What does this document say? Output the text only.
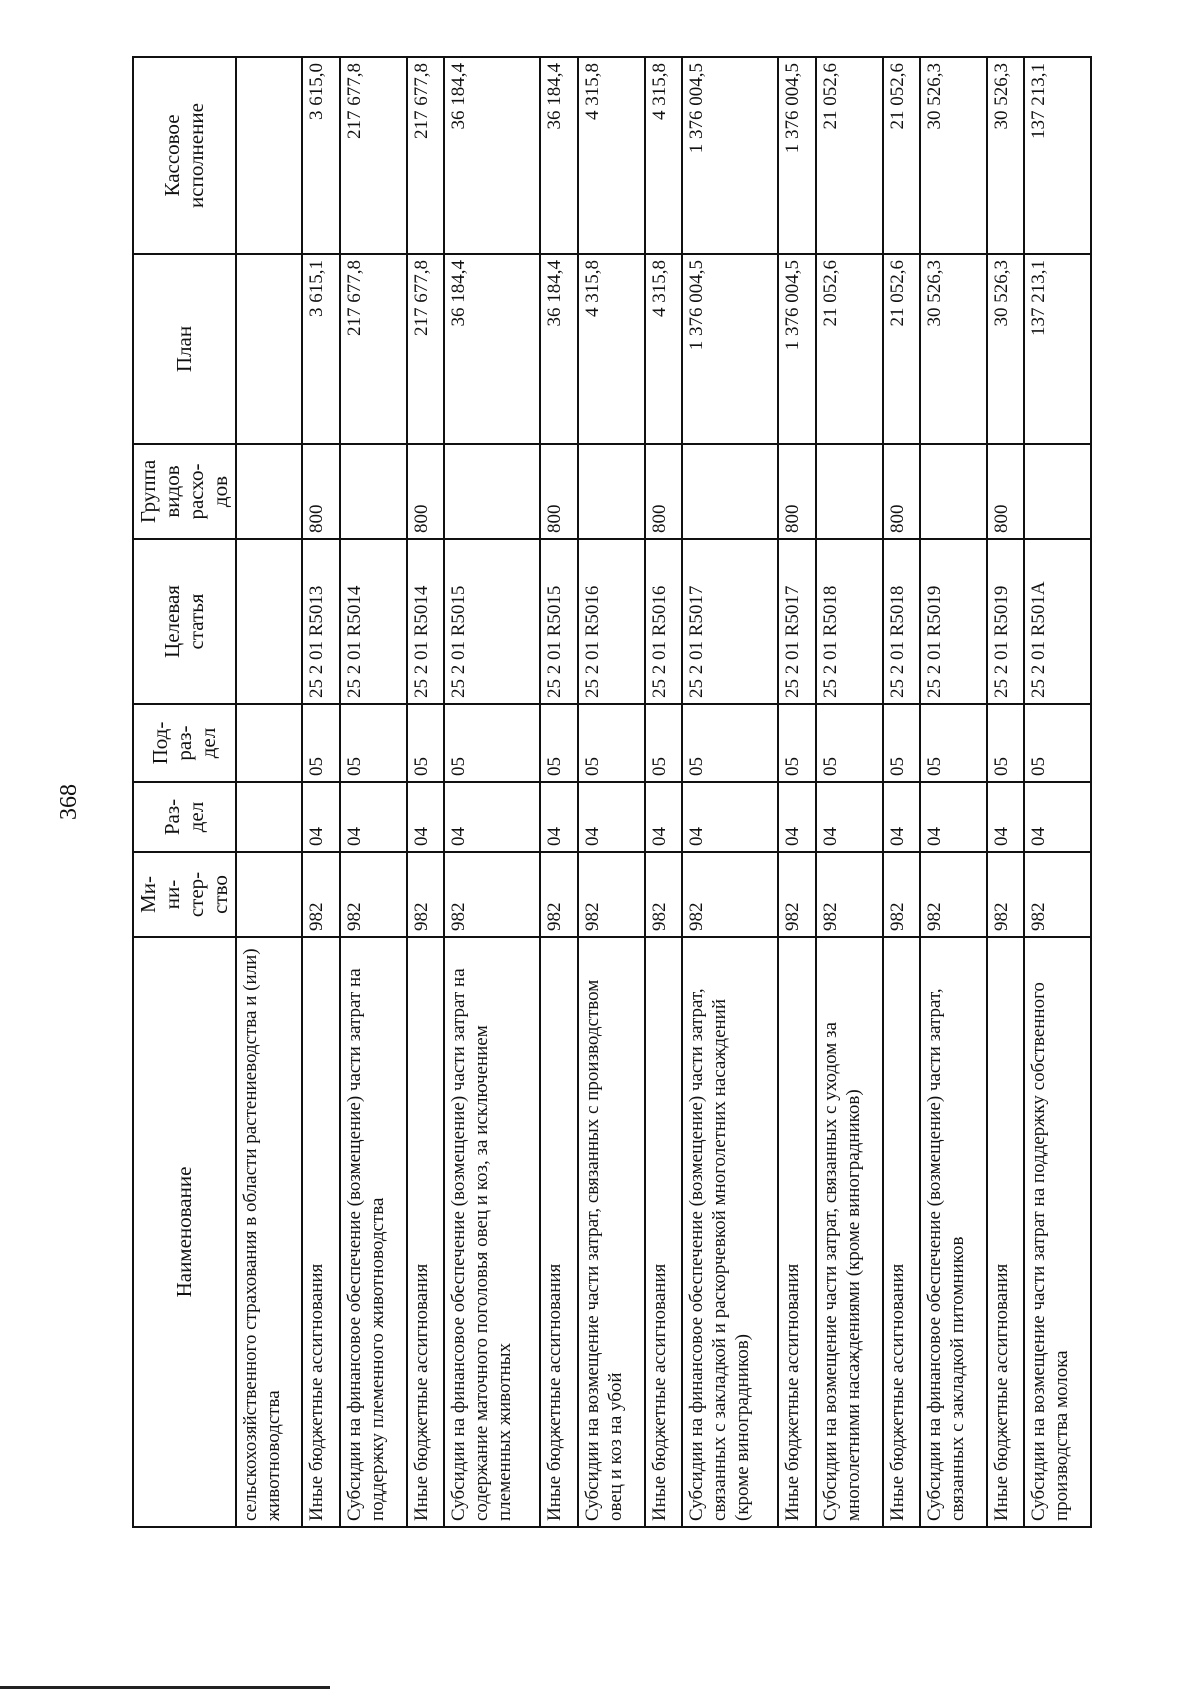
368
Наименование	Ми-
ни-
стер-
ство	Раз-
дел	Под-
раз-
дел	Целевая
статья	Группа
видов
расхо-
дов	План	Кассовое
исполнение
сельскохозяйственного страхования в области растениеводства и (или) животноводства							
Иные бюджетные ассигнования	982	04	05	25 2 01 R5013	800	3 615,1	3 615,0
Субсидии на финансовое обеспечение (возмещение) части затрат на поддержку племенного животноводства	982	04	05	25 2 01 R5014		217 677,8	217 677,8
Иные бюджетные ассигнования	982	04	05	25 2 01 R5014	800	217 677,8	217 677,8
Субсидии на финансовое обеспечение (возмещение) части затрат на содержание маточного поголовья овец и коз, за исключением племенных животных	982	04	05	25 2 01 R5015		36 184,4	36 184,4
Иные бюджетные ассигнования	982	04	05	25 2 01 R5015	800	36 184,4	36 184,4
Субсидии на возмещение части затрат, связанных с производством овец и коз на убой	982	04	05	25 2 01 R5016		4 315,8	4 315,8
Иные бюджетные ассигнования	982	04	05	25 2 01 R5016	800	4 315,8	4 315,8
Субсидии на финансовое обеспечение (возмещение) части затрат, связанных с закладкой и раскорчевкой многолетних насаждений (кроме виноградников)	982	04	05	25 2 01 R5017		1 376 004,5	1 376 004,5
Иные бюджетные ассигнования	982	04	05	25 2 01 R5017	800	1 376 004,5	1 376 004,5
Субсидии на возмещение части затрат, связанных с уходом за многолетними насаждениями (кроме виноградников)	982	04	05	25 2 01 R5018		21 052,6	21 052,6
Иные бюджетные ассигнования	982	04	05	25 2 01 R5018	800	21 052,6	21 052,6
Субсидии на финансовое обеспечение (возмещение) части затрат, связанных с закладкой питомников	982	04	05	25 2 01 R5019		30 526,3	30 526,3
Иные бюджетные ассигнования	982	04	05	25 2 01 R5019	800	30 526,3	30 526,3
Субсидии на возмещение части затрат на поддержку собственного производства молока	982	04	05	25 2 01 R501A		137 213,1	137 213,1
